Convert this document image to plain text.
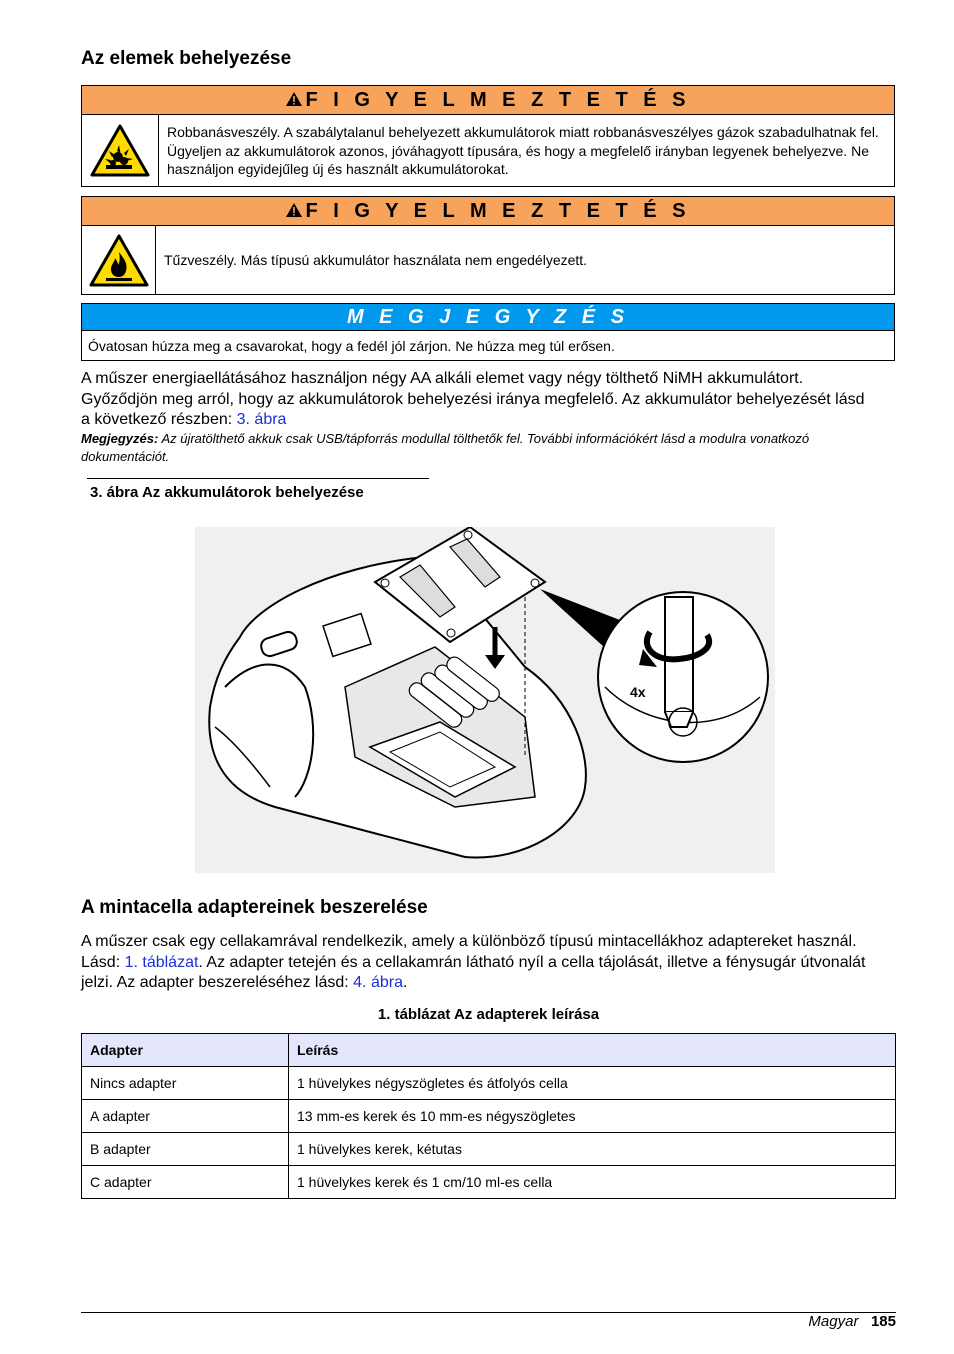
Az elemek behelyezése
F I G Y E L M E Z T E T É S
Robbanásveszély. A szabálytalanul behelyezett akkumulátorok miatt robbanásveszélyes gázok szabadulhatnak fel. Ügyeljen az akkumulátorok azonos, jóváhagyott típusára, és hogy a megfelelő irányban legyenek behelyezve. Ne használjon egyidejűleg új és használt akkumulátorokat.
F I G Y E L M E Z T E T É S
Tűzveszély. Más típusú akkumulátor használata nem engedélyezett.
M E G J E G Y Z É S
Óvatosan húzza meg a csavarokat, hogy a fedél jól zárjon. Ne húzza meg túl erősen.
A műszer energiaellátásához használjon négy AA alkáli elemet vagy négy tölthető NiMH akkumulátort. Győződjön meg arról, hogy az akkumulátorok behelyezési iránya megfelelő. Az akkumulátor behelyezését lásd a következő részben: 3. ábra
Megjegyzés: Az újratölthető akkuk csak USB/tápforrás modullal tölthetők fel. További információkért lásd a modulra vonatkozó dokumentációt.
3. ábra Az akkumulátorok behelyezése
4x
A mintacella adaptereinek beszerelése
A műszer csak egy cellakamrával rendelkezik, amely a különböző típusú mintacellákhoz adaptereket használ. Lásd: 1. táblázat. Az adapter tetején és a cellakamrán látható nyíl a cella tájolását, illetve a fénysugár útvonalát jelzi. Az adapter beszereléséhez lásd: 4. ábra.
1. táblázat Az adapterek leírása
Adapter	Leírás
Nincs adapter	1 hüvelykes négyszögletes és átfolyós cella
A adapter	13 mm-es kerek és 10 mm-es négyszögletes
B adapter	1 hüvelykes kerek, kétutas
C adapter	1 hüvelykes kerek és 1 cm/10 ml-es cella
Magyar 185
